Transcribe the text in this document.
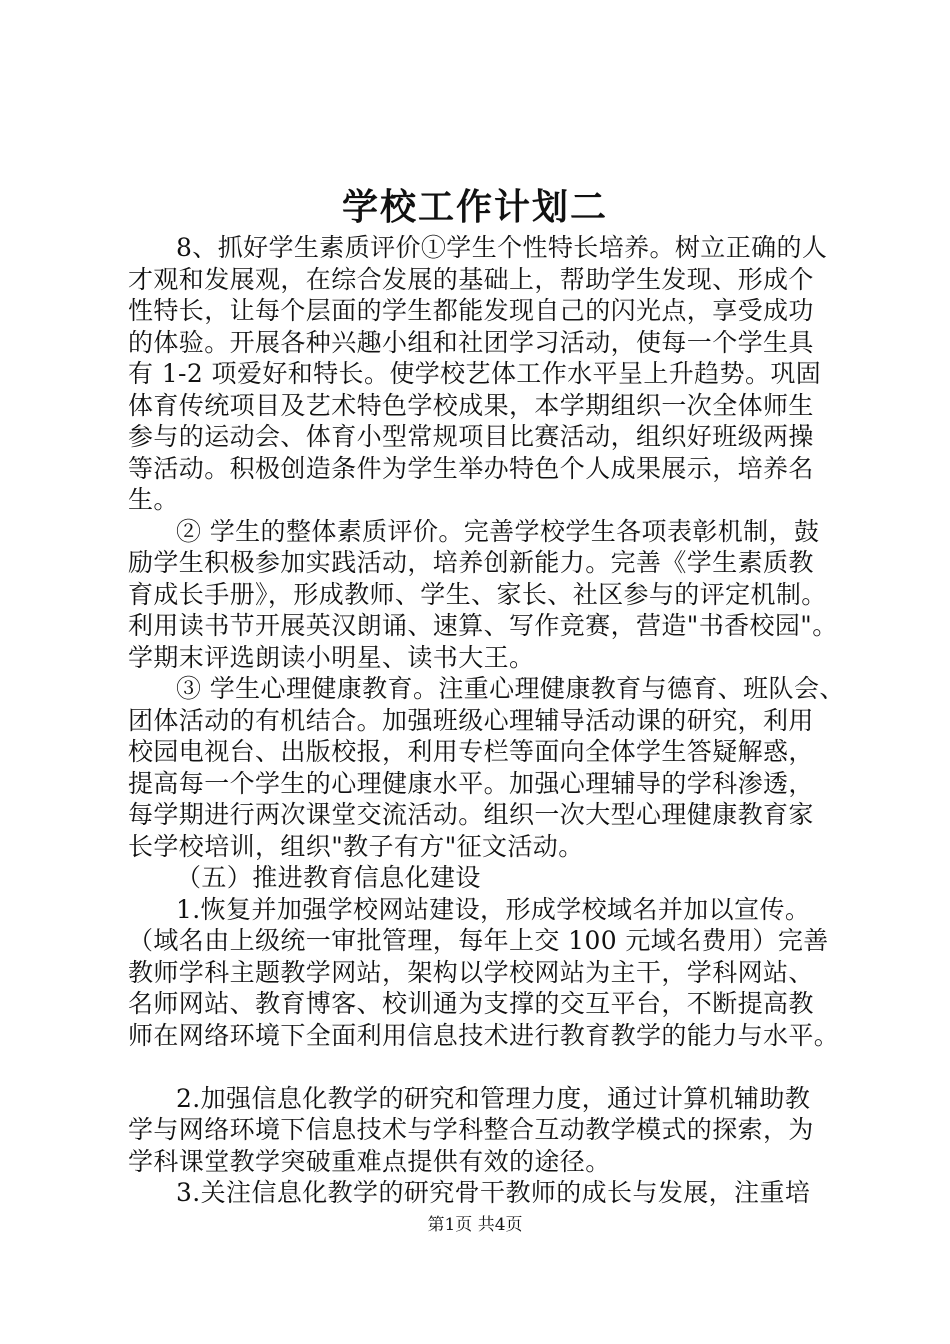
学校工作计划二
8、抓好学生素质评价①学生个性特长培养。树立正确的人
才观和发展观，在综合发展的基础上，帮助学生发现、形成个
性特长，让每个层面的学生都能发现自己的闪光点，享受成功
的体验。开展各种兴趣小组和社团学习活动，使每一个学生具
有 1-2 项爱好和特长。使学校艺体工作水平呈上升趋势。巩固
体育传统项目及艺术特色学校成果，本学期组织一次全体师生
参与的运动会、体育小型常规项目比赛活动，组织好班级两操
等活动。积极创造条件为学生举办特色个人成果展示，培养名
生。
② 学生的整体素质评价。完善学校学生各项表彰机制，鼓
励学生积极参加实践活动，培养创新能力。完善《学生素质教
育成长手册》，形成教师、学生、家长、社区参与的评定机制。
利用读书节开展英汉朗诵、速算、写作竞赛，营造"书香校园"。
学期末评选朗读小明星、读书大王。
③ 学生心理健康教育。注重心理健康教育与德育、班队会、
团体活动的有机结合。加强班级心理辅导活动课的研究，利用
校园电视台、出版校报，利用专栏等面向全体学生答疑解惑，
提高每一个学生的心理健康水平。加强心理辅导的学科渗透，
每学期进行两次课堂交流活动。组织一次大型心理健康教育家
长学校培训，组织"教子有方"征文活动。
（五）推进教育信息化建设
1.恢复并加强学校网站建设，形成学校域名并加以宣传。
（域名由上级统一审批管理，每年上交 100 元域名费用）完善
教师学科主题教学网站，架构以学校网站为主干，学科网站、
名师网站、教育博客、校训通为支撑的交互平台，不断提高教
师在网络环境下全面利用信息技术进行教育教学的能力与水平。
2.加强信息化教学的研究和管理力度，通过计算机辅助教
学与网络环境下信息技术与学科整合互动教学模式的探索，为
学科课堂教学突破重难点提供有效的途径。
3.关注信息化教学的研究骨干教师的成长与发展，注重培
第1页 共4页
